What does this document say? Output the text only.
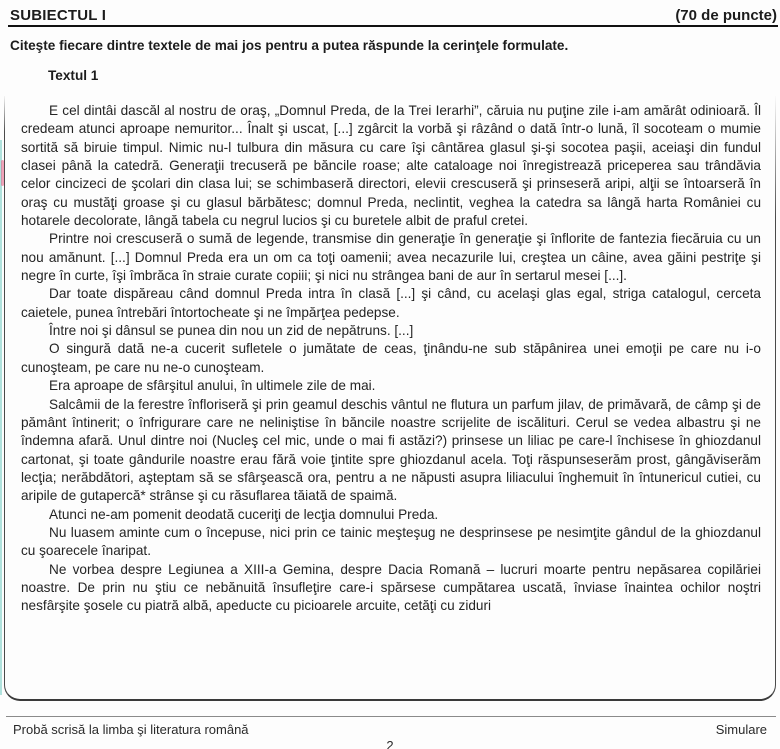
SUBIECTUL I	(70 de puncte)
Citeşte fiecare dintre textele de mai jos pentru a putea răspunde la cerinţele formulate.
Textul 1

E cel dintâi dascăl al nostru de oraş, „Domnul Preda, de la Trei Ierarhi”, căruia nu puţine zile i-am amărât odinioară. Îl credeam atunci aproape nemuritor... Înalt şi uscat, [...] zgârcit la vorbă şi râzând o dată într-o lună, îl socoteam o mumie sortită să biruie timpul. Nimic nu-l tulbura din măsura cu care îşi cântărea glasul şi-şi socotea paşii, aceiaşi din fundul clasei până la catedră. Generaţii trecuseră pe băncile roase; alte cataloage noi înregistrează priceperea sau trândăvia celor cincizeci de şcolari din clasa lui; se schimbaseră directori, elevii crescuseră şi prinseseră aripi, alţii se întoarseră în oraş cu mustăţi groase şi cu glasul bărbătesc; domnul Preda, neclintit, veghea la catedra sa lângă harta României cu hotarele decolorate, lângă tabela cu negrul lucios şi cu buretele albit de praful cretei.

Printre noi crescuseră o sumă de legende, transmise din generaţie în generaţie şi înflorite de fantezia fiecăruia cu un nou amănunt. [...] Domnul Preda era un om ca toţi oamenii; avea necazurile lui, creştea un câine, avea găini pestriţe şi negre în curte, îşi îmbrăca în straie curate copiii; şi nici nu strângea bani de aur în sertarul mesei [...].

Dar toate dispăreau când domnul Preda intra în clasă [...] şi când, cu acelaşi glas egal, striga catalogul, cerceta caietele, punea întrebări întortocheate şi ne împărţea pedepse.

Între noi şi dânsul se punea din nou un zid de nepătruns. [...]

O singură dată ne-a cucerit sufletele o jumătate de ceas, ţinându-ne sub stăpânirea unei emoţii pe care nu i-o cunoşteam, pe care nu ne-o cunoşteam.

Era aproape de sfârşitul anului, în ultimele zile de mai.

Salcâmii de la ferestre înfloriseră şi prin geamul deschis vântul ne flutura un parfum jilav, de primăvară, de câmp şi de pământ întinerit; o înfrigurare care ne neliniştise în băncile noastre scrijelite de iscălituri. Cerul se vedea albastru şi ne îndemna afară. Unul dintre noi (Nucleş cel mic, unde o mai fi astăzi?) prinsese un liliac pe care-l închisese în ghiozdanul cartonat, şi toate gândurile noastre erau fără voie ţintite spre ghiozdanul acela. Toţi răspunseserăm prost, gângăviserăm lecţia; nerăbdători, aşteptam să se sfârşească ora, pentru a ne năpusti asupra liliacului înghemuit în întunericul cutiei, cu aripile de gutapercă* strânse şi cu răsuflarea tăiată de spaimă.

Atunci ne-am pomenit deodată cuceriţi de lecţia domnului Preda.

Nu luasem aminte cum o începuse, nici prin ce tainic meşteşug ne desprinsese pe nesimţite gândul de la ghiozdanul cu şoarecele înaripat.

Ne vorbea despre Legiunea a XIII-a Gemina, despre Dacia Romană – lucruri moarte pentru nepăsarea copilăriei noastre. De prin nu ştiu ce nebănuită însufleţire care-i spărsese cumpătarea uscată, înviase înaintea ochilor noştri nesfârşite şosele cu piatră albă, apeducte cu picioarele arcuite, cetăţi cu ziduri

Probă scrisă la limba şi literatura română	Simulare
2
